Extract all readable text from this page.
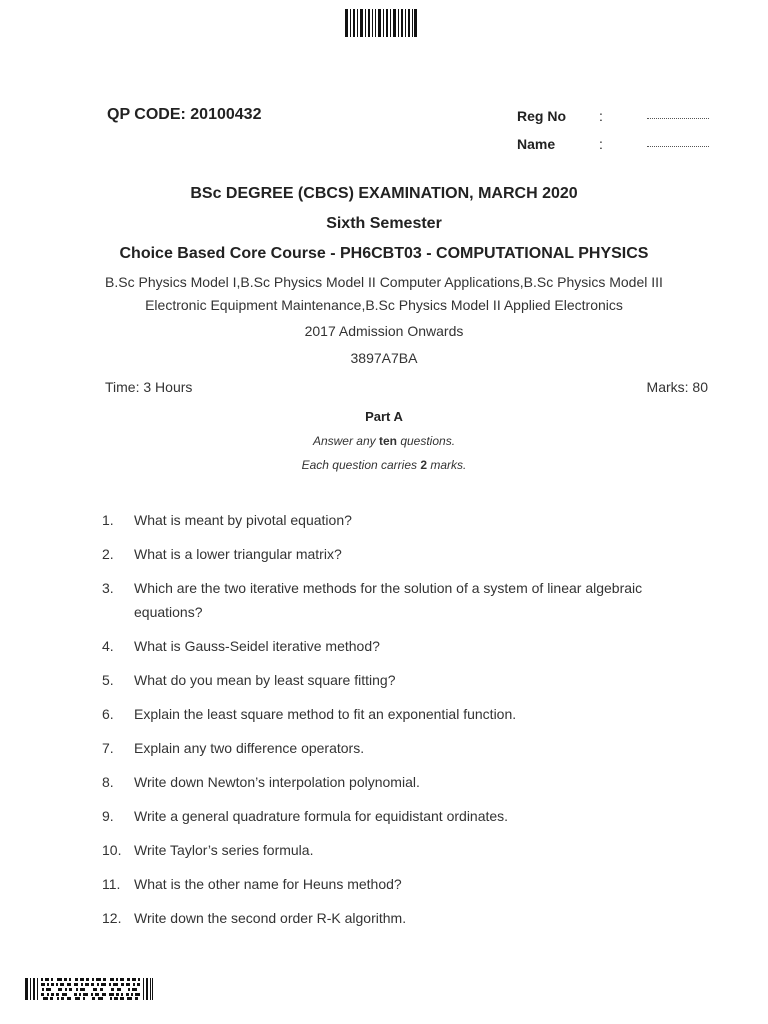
QP CODE: 20100432	Reg No :
Name	:
BSc DEGREE (CBCS) EXAMINATION, MARCH 2020
Sixth Semester
Choice Based Core Course - PH6CBT03 - COMPUTATIONAL PHYSICS
B.Sc Physics Model I,B.Sc Physics Model II Computer Applications,B.Sc Physics Model III
Electronic Equipment Maintenance,B.Sc Physics Model II Applied Electronics
2017 Admission Onwards
3897A7BA
Time: 3 Hours	Marks: 80
Part A
Answer any ten questions.
Each question carries 2 marks.
1.	What is meant by pivotal equation?
2.	What is a lower triangular matrix?
3.	Which are the two iterative methods for the solution of a system of linear algebraic equations?
4.	What is Gauss-Seidel iterative method?
5.	What do you mean by least square fitting?
6.	Explain the least square method to fit an exponential function.
7.	Explain any two difference operators.
8.	Write down Newton’s interpolation polynomial.
9.	Write a general quadrature formula for equidistant ordinates.
10. Write Taylor’s series formula.
11. What is the other name for Heuns method?
12. Write down the second order R-K algorithm.
